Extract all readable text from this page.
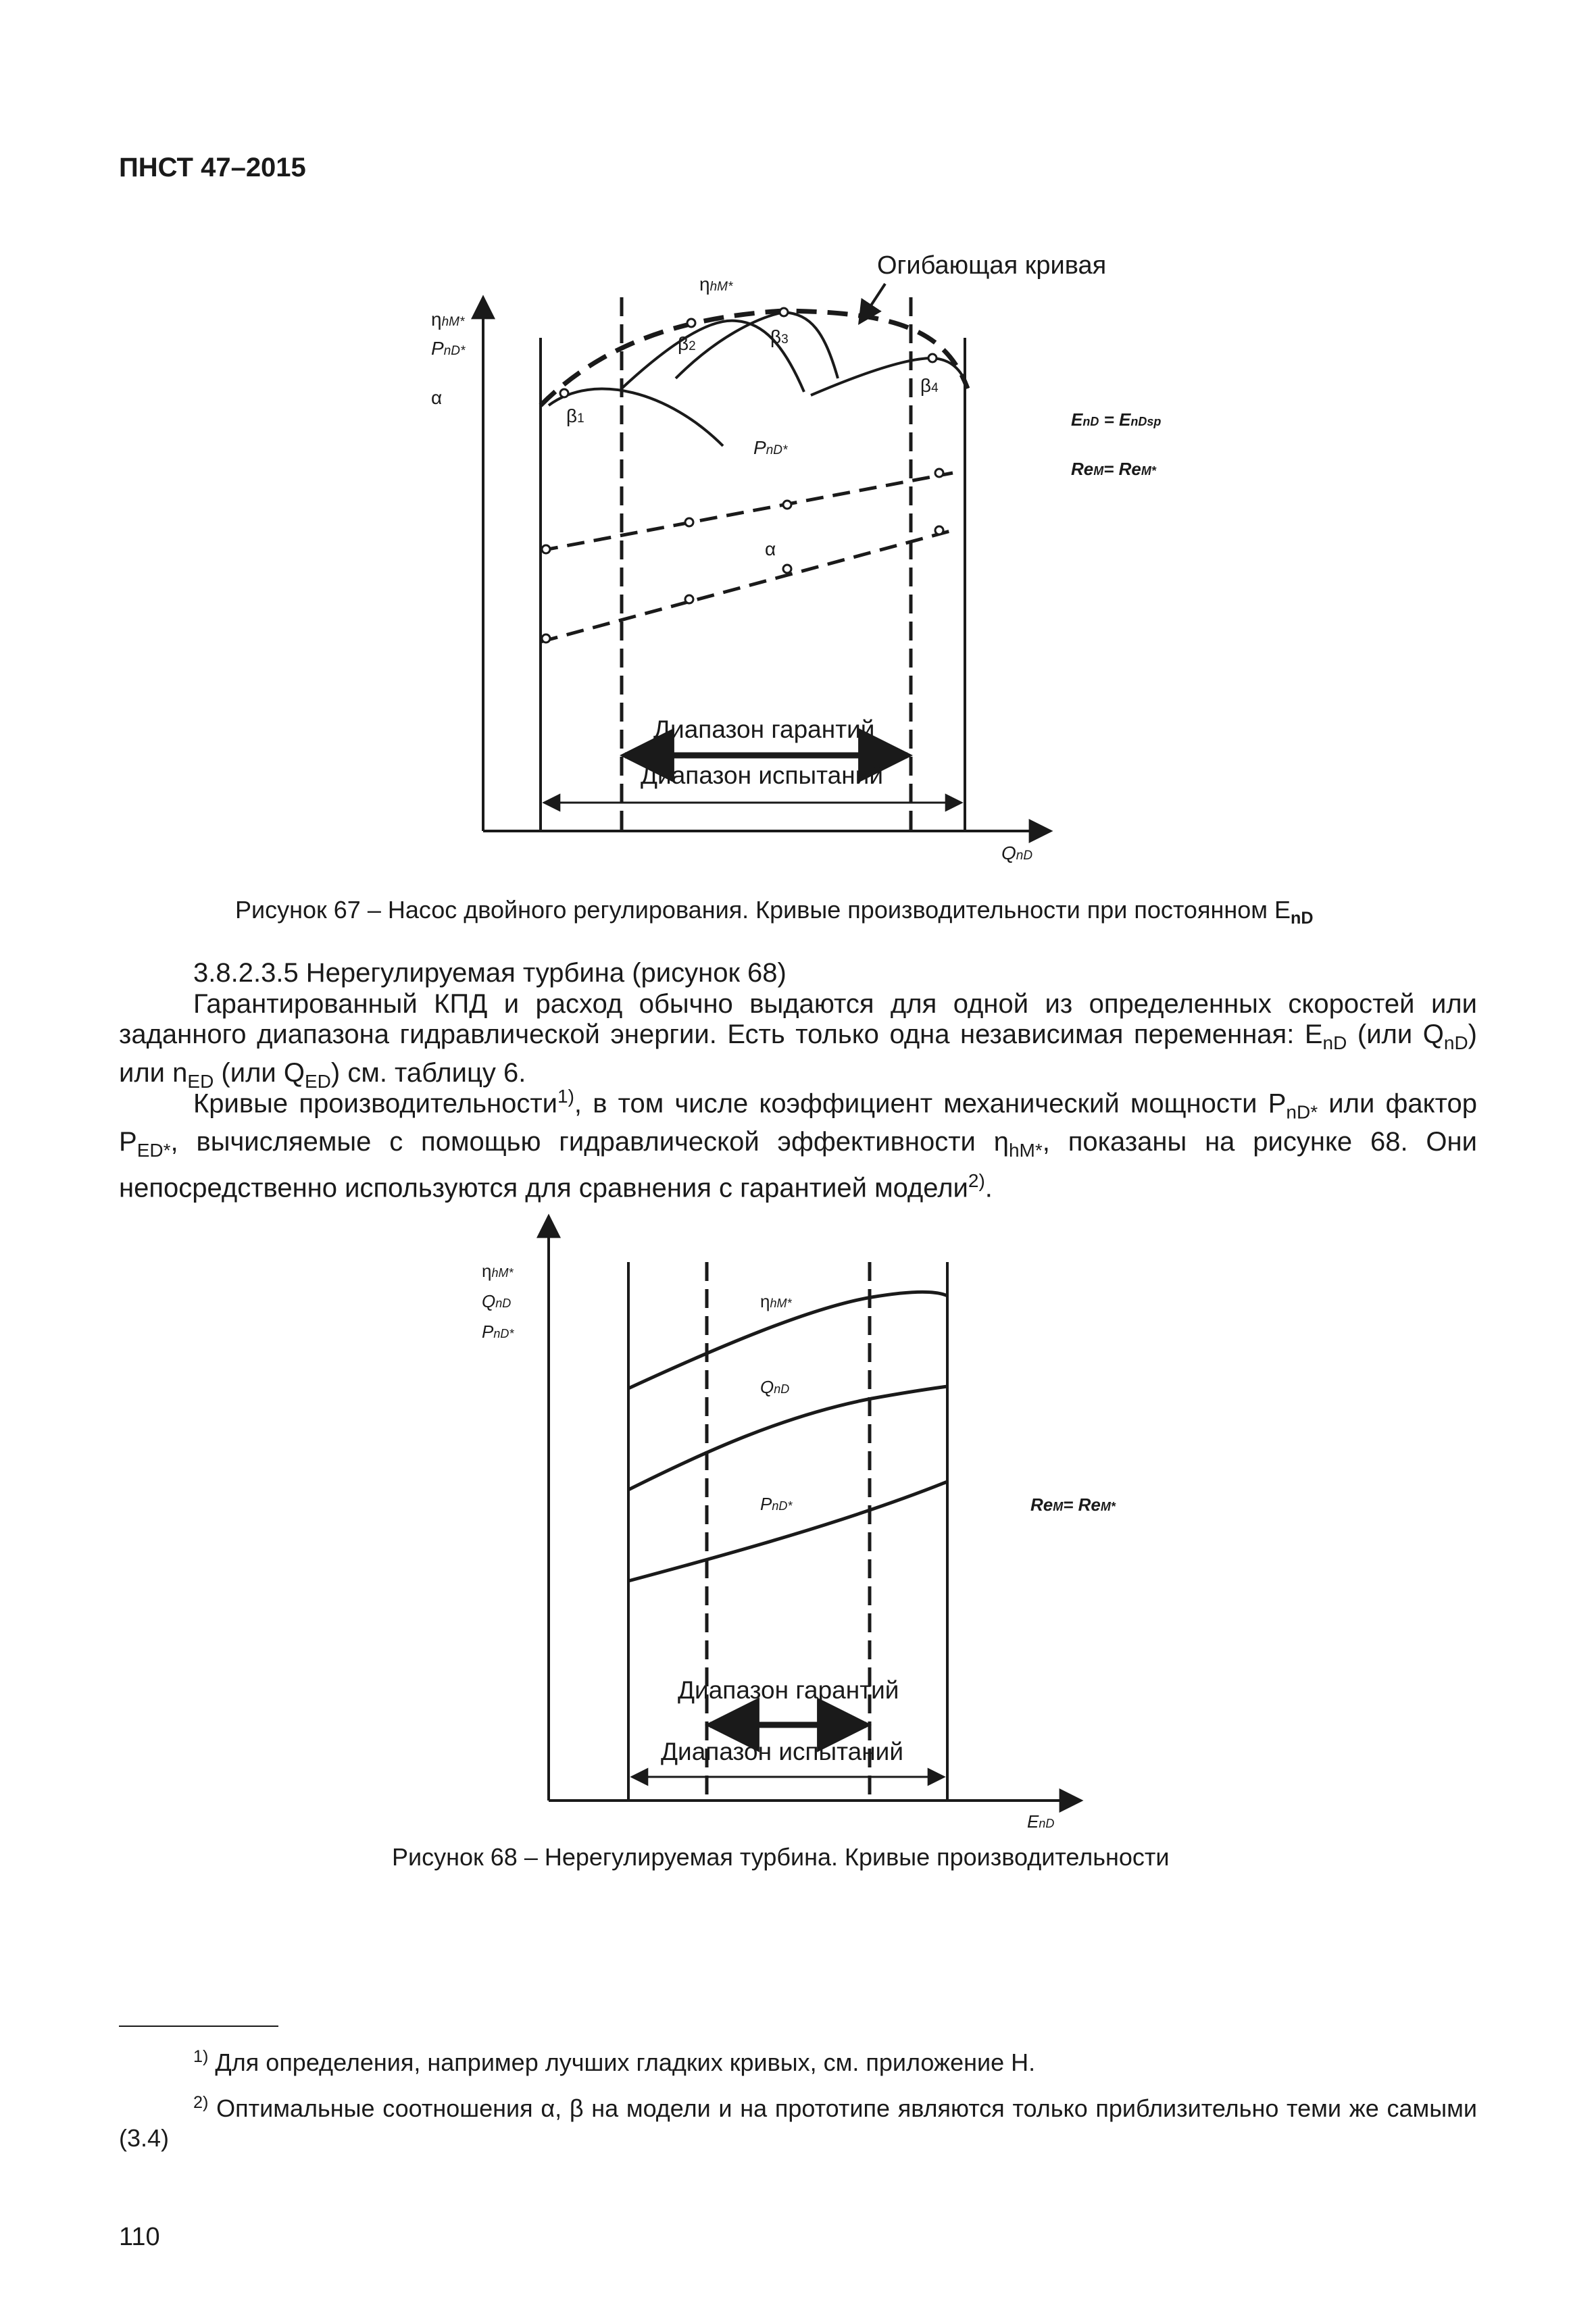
ПНСТ 47–2015
ηhM* PnD* α
QnD
Огибающая кривая
ηhM*
β1
β2	β3
β4
PnD*
α
EnD = EnDsp
ReM= ReM*
Диапазон гарантий
Диапазон испытаний
Рисунок 67 – Насос двойного регулирования. Кривые производительности при постоянном $E_{nD}$
3.8.2.3.5 Нерегулируемая турбина (рисунок 68)
Гарантированный КПД и расход обычно выдаются для одной из определенных скоростей или заданного диапазона гидравлической энергии. Есть только одна независимая переменная: $E_{nD}$ (или $Q_{nD}$) или $n_{ED}$ (или $Q_{ED}$) см. таблицу 6.
Кривые производительности$^{1)}$, в том числе коэффициент механический мощности $P_{nD*}$ или фактор $P_{ED*}$, вычисляемые с помощью гидравлической эффективности $\eta_{hM*}$, показаны на рисунке 68. Они непосредственно используются для сравнения с гарантией модели$^{2)}$.
ηhM* QnD PnD*
EnD
ηhM*
QnD
PnD*	ReM= ReM*
Диапазон гарантий
Диапазон испытаний
Рисунок 68 – Нерегулируемая турбина. Кривые производительности
$^{1)}$ Для определения, например лучших гладких кривых, см. приложение Н.
$^{2)}$ Оптимальные соотношения α, β на модели и на прототипе являются только приблизительно теми же самыми (3.4)
110
